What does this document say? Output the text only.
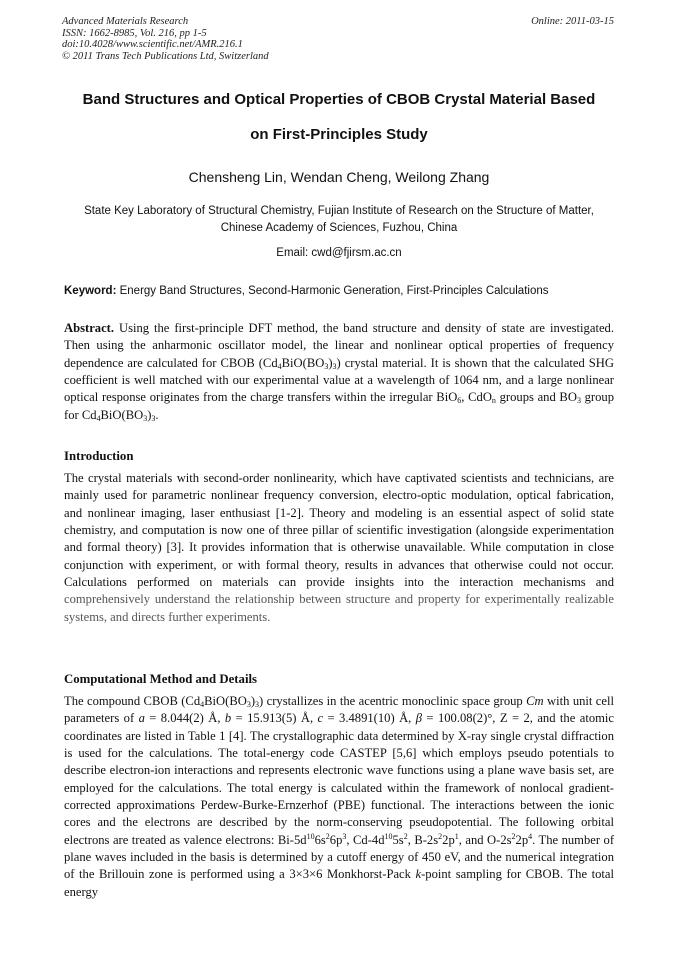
Advanced Materials Research
ISSN: 1662-8985, Vol. 216, pp 1-5
doi:10.4028/www.scientific.net/AMR.216.1
© 2011 Trans Tech Publications Ltd, Switzerland
Online: 2011-03-15
Band Structures and Optical Properties of CBOB Crystal Material Based
on First-Principles Study
Chensheng Lin, Wendan Cheng, Weilong Zhang
State Key Laboratory of Structural Chemistry, Fujian Institute of Research on the Structure of Matter,
Chinese Academy of Sciences, Fuzhou, China
Email: cwd@fjirsm.ac.cn
Keyword: Energy Band Structures, Second-Harmonic Generation, First-Principles Calculations

Abstract. Using the first-principle DFT method, the band structure and density of state are investigated. Then using the anharmonic oscillator model, the linear and nonlinear optical properties of frequency dependence are calculated for CBOB $(Cd_4BiO(BO_3)_3)$ crystal material. It is shown that the calculated SHG coefficient is well matched with our experimental value at a wavelength of 1064 nm, and a large nonlinear optical response originates from the charge transfers within the irregular BiO$_6$, CdO$_n$ groups and $BO_3$ group for $Cd_4BiO(BO_3)_3$.

Introduction

The crystal materials with second-order nonlinearity, which have captivated scientists and technicians, are mainly used for parametric nonlinear frequency conversion, electro-optic modulation, optical fabrication, and nonlinear imaging, laser enthusiast [1-2]. Theory and modeling is an essential aspect of solid state chemistry, and computation is now one of three pillar of scientific investigation (alongside experimentation and formal theory) [3]. It provides information that is otherwise unavailable. While computation in close conjunction with experiment, or with formal theory, results in advances that otherwise could not occur. Calculations performed on materials can provide insights into the interaction mechanisms and comprehensively understand the relationship between structure and property for experimentally realizable systems, and directs further experiments.

Computational Method and Details

The compound CBOB $(Cd_4BiO(BO_3)_3)$ crystallizes in the acentric monoclinic space group Cm with unit cell parameters of a = 8.044(2) Å, b = 15.913(5) Å, c = 3.4891(10) Å, β = 100.08(2)°, Z = 2, and the atomic coordinates are listed in Table 1 [4]. The crystallographic data determined by X-ray single crystal diffraction is used for the calculations. The total-energy code CASTEP [5,6] which employs pseudo potentials to describe electron-ion interactions and represents electronic wave functions using a plane wave basis set, are employed for the calculations. The total energy is calculated within the framework of nonlocal gradient-corrected approximations Perdew-Burke-Ernzerhof (PBE) functional. The interactions between the ionic cores and the electrons are described by the norm-conserving pseudopotential. The following orbital electrons are treated as valence electrons: $Bi-5d^{10}6s^26p^3$, $Cd-4d^{10}5s^2$, $B-2s^22p^1$, and $O-2s^22p^4$. The number of plane waves included in the basis is determined by a cutoff energy of 450 eV, and the numerical integration of the Brillouin zone is performed using a 3×3×6 Monkhorst-Pack k-point sampling for CBOB. The total energy
